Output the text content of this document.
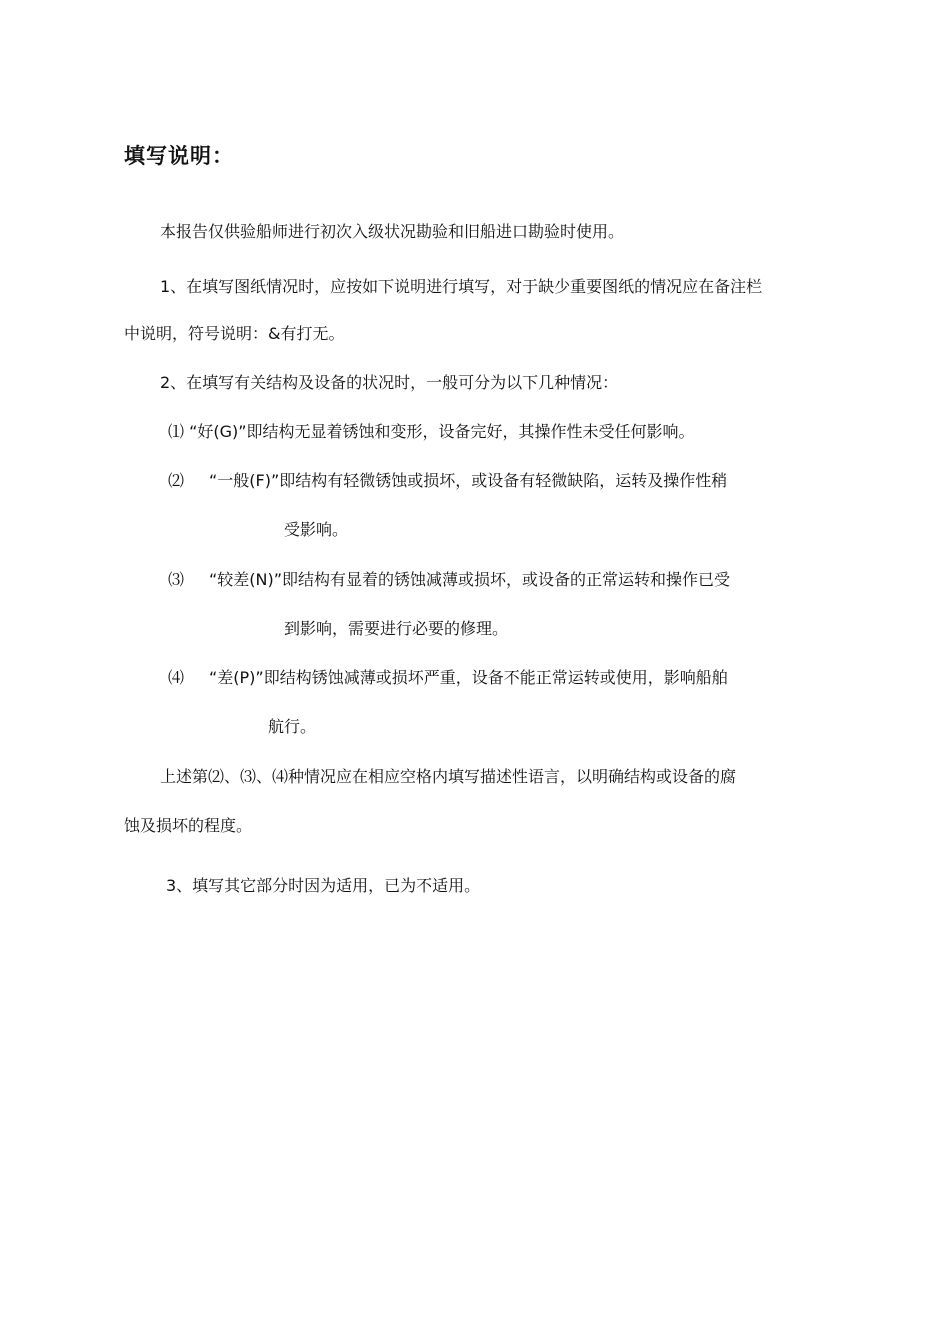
填写说明：
本报告仅供验船师进行初次入级状况勘验和旧船进口勘验时使用。
1、在填写图纸情况时，应按如下说明进行填写，对于缺少重要图纸的情况应在备注栏
中说明，符号说明：&有打无。
2、在填写有关结构及设备的状况时，一般可分为以下几种情况：
⑴ “好(G)”即结构无显着锈蚀和变形，设备完好，其操作性未受任何影响。
⑵ “一般(F)”即结构有轻微锈蚀或损坏，或设备有轻微缺陷，运转及操作性稍
受影响。
⑶ “较差(N)”即结构有显着的锈蚀减薄或损坏，或设备的正常运转和操作已受
到影响，需要进行必要的修理。
⑷ “差(P)”即结构锈蚀减薄或损坏严重，设备不能正常运转或使用，影响船舶
航行。
上述第⑵、⑶、⑷种情况应在相应空格内填写描述性语言，以明确结构或设备的腐
蚀及损坏的程度。
3、填写其它部分时因为适用，已为不适用。
